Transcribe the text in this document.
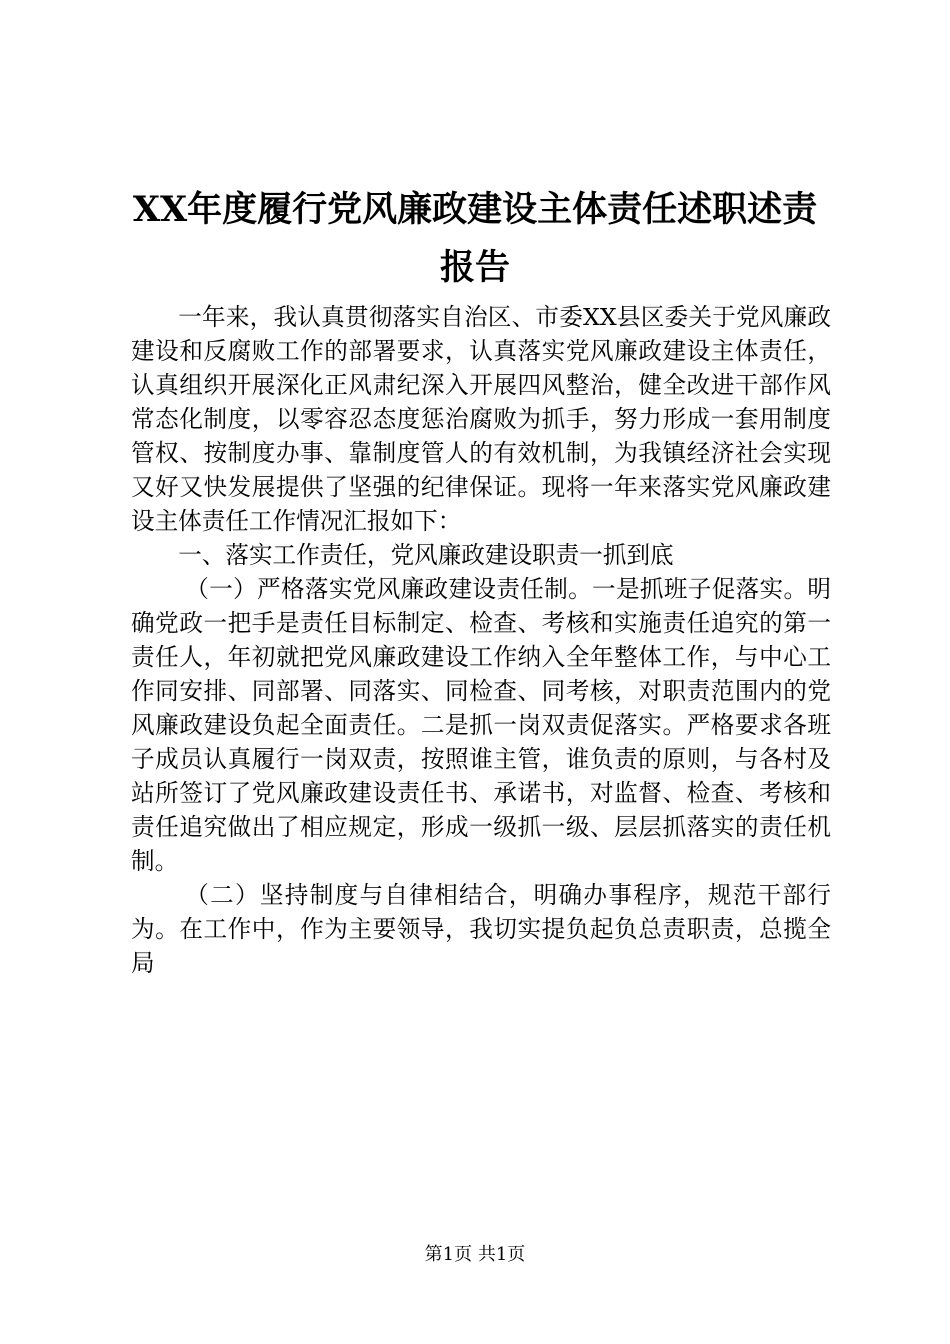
XX年度履行党风廉政建设主体责任述职述责
报告

一年来，我认真贯彻落实自治区、市委XX县区委关于党风廉政建设和反腐败工作的部署要求，认真落实党风廉政建设主体责任，认真组织开展深化正风肃纪深入开展四风整治，健全改进干部作风常态化制度，以零容忍态度惩治腐败为抓手，努力形成一套用制度管权、按制度办事、靠制度管人的有效机制，为我镇经济社会实现又好又快发展提供了坚强的纪律保证。现将一年来落实党风廉政建设主体责任工作情况汇报如下：

一、落实工作责任，党风廉政建设职责一抓到底

（一）严格落实党风廉政建设责任制。一是抓班子促落实。明确党政一把手是责任目标制定、检查、考核和实施责任追究的第一责任人，年初就把党风廉政建设工作纳入全年整体工作，与中心工作同安排、同部署、同落实、同检查、同考核，对职责范围内的党风廉政建设负起全面责任。二是抓一岗双责促落实。严格要求各班子成员认真履行一岗双责，按照谁主管，谁负责的原则，与各村及站所签订了党风廉政建设责任书、承诺书，对监督、检查、考核和责任追究做出了相应规定，形成一级抓一级、层层抓落实的责任机制。

（二）坚持制度与自律相结合，明确办事程序，规范干部行为。在工作中，作为主要领导，我切实提负起负总责职责，总揽全局

第1页 共1页
